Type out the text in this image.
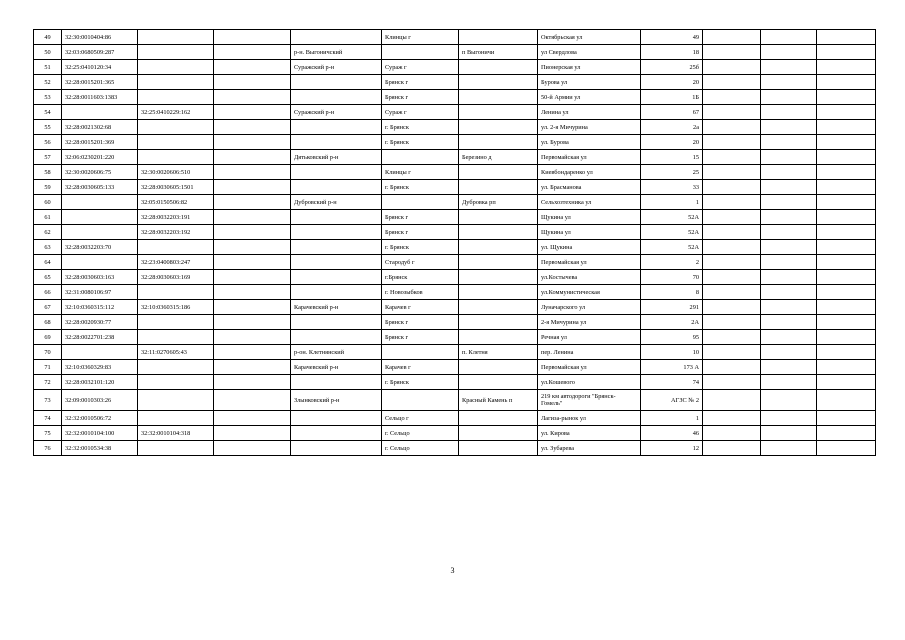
49	32:30:0010404:86				Клинцы г		Октябрьская ул	49			
50	32:03:0680509:287			р-н. Выгоничский		п Выгоничи	ул Свердлова	18			
51	32:25:0410120:34			Суражский р-н	Сураж г		Пионерская ул	25б			
52	32:28:0015201:365				Брянск г		Бурова ул	20			
53	32:28:0011603:1383				Брянск г		50-й Армии ул	1Б			
54		32:25:0410229:162		Суражский р-н	Сураж г		Ленина ул	67			
55	32:28:0021302:68				г. Брянск		ул. 2-я Мичурина	2а			
56	32:28:0015201:369				г. Брянск		ул. Бурова	20			
57	32:06:0230201:220			Дятьковский р-н		Березино д	Первомайская ул	15			
58	32:30:0020606:75	32:30:0020606:510			Клинцы г		Киевбондаренко ул	25			
59	32:28:0030605:133	32:28:0030605:1501			г. Брянск		ул. Брасманова	33			
60		32:05:0150506:82		Дубровский р-н		Дубровка рп	Сельхозтехника ул	1			
61		32:28:0032203:191			Брянск г		Щукина ул	52А			
62		32:28:0032203:192			Брянск г		Щукина ул	52А			
63	32:28:0032203:70				г. Брянск		ул. Щукина	52А			
64		32:23:0400803:247			Стародуб г		Первомайская ул	2			
65	32:28:0030603:163	32:28:0030603:169			г.Брянск		ул.Костычева	70			
66	32:31:0080106:97				г. Новозыбков		ул.Коммунистическая	8			
67	32:10:0360315:112	32:10:0360315:186		Карачевский р-н	Карачев г		Луначарского ул	291			
68	32:28:0020930:77				Брянск г		2-я Мичурина ул	2А			
69	32:28:0022701:238				Брянск г		Речная ул	95			
70		32:11:0270605:43		р-он. Клетнянский		п. Клетня	пер. Ленина	10			
71	32:10:0360329:83			Карачевский р-н	Карачев г		Первомайская ул	173 А			
72	32:28:0032101:120				г. Брянск		ул.Кошевого	74			
73	32:09:0010303:26			Злынковский р-н		Красный Камень п	219 км автодороги "Брянск-Гомель"	АГЗС № 2			
74	32:32:0010506:72				Сельцо г		Лагиза-рынок ул	1			
75	32:32:0010104:100	32:32:0010104:318			г. Сельцо		ул. Кирова	46			
76	32:32:0010534:38				г. Сельцо		ул. Зубарева	12			
3
